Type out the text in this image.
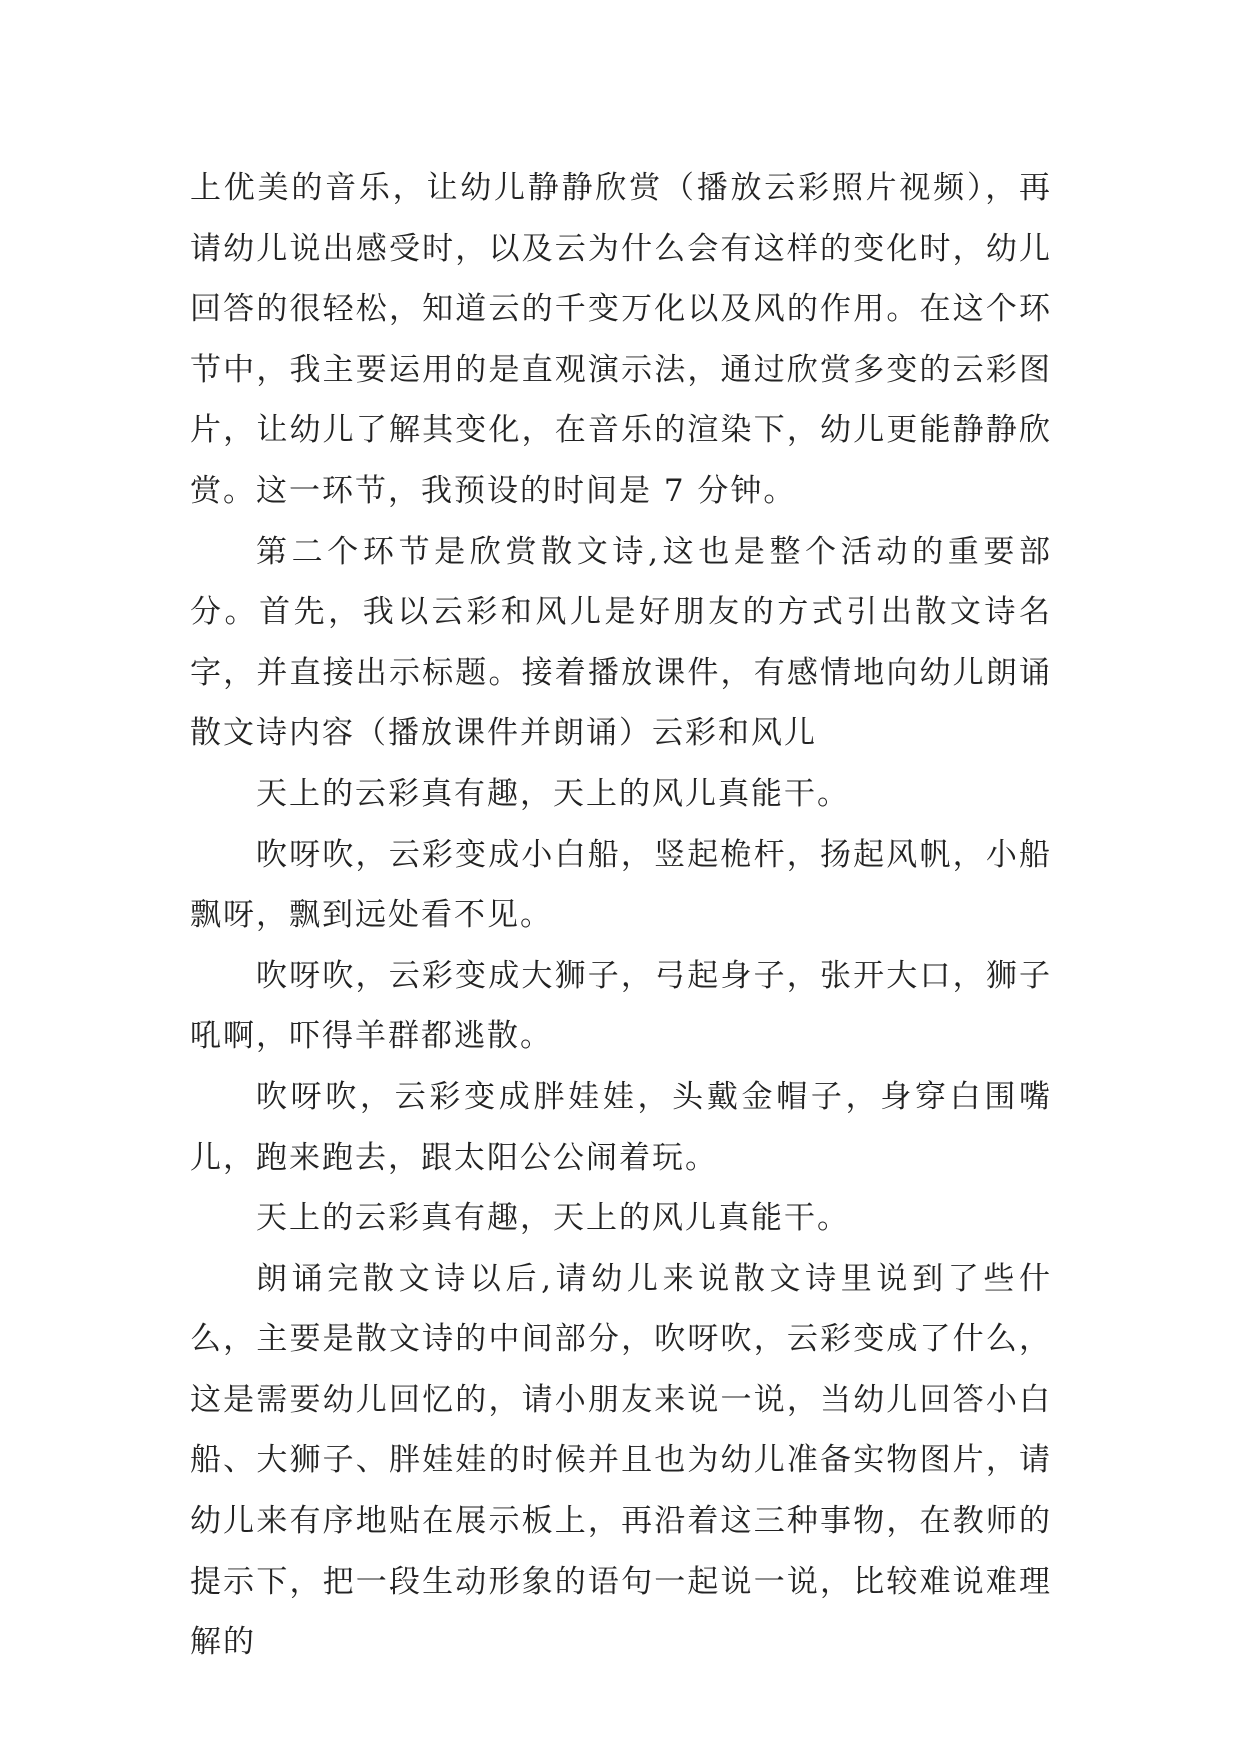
上优美的音乐，让幼儿静静欣赏（播放云彩照片视频），再请幼儿说出感受时，以及云为什么会有这样的变化时，幼儿回答的很轻松，知道云的千变万化以及风的作用。在这个环节中，我主要运用的是直观演示法，通过欣赏多变的云彩图片，让幼儿了解其变化，在音乐的渲染下，幼儿更能静静欣赏。这一环节，我预设的时间是 7 分钟。

第二个环节是欣赏散文诗,这也是整个活动的重要部分。首先，我以云彩和风儿是好朋友的方式引出散文诗名字，并直接出示标题。接着播放课件，有感情地向幼儿朗诵散文诗内容（播放课件并朗诵）云彩和风儿

天上的云彩真有趣，天上的风儿真能干。

吹呀吹，云彩变成小白船，竖起桅杆，扬起风帆，小船飘呀，飘到远处看不见。

吹呀吹，云彩变成大狮子，弓起身子，张开大口，狮子吼啊，吓得羊群都逃散。

吹呀吹，云彩变成胖娃娃，头戴金帽子，身穿白围嘴儿，跑来跑去，跟太阳公公闹着玩。

天上的云彩真有趣，天上的风儿真能干。

朗诵完散文诗以后,请幼儿来说散文诗里说到了些什么，主要是散文诗的中间部分，吹呀吹，云彩变成了什么，这是需要幼儿回忆的，请小朋友来说一说，当幼儿回答小白船、大狮子、胖娃娃的时候并且也为幼儿准备实物图片，请幼儿来有序地贴在展示板上，再沿着这三种事物，在教师的提示下，把一段生动形象的语句一起说一说，比较难说难理解的
